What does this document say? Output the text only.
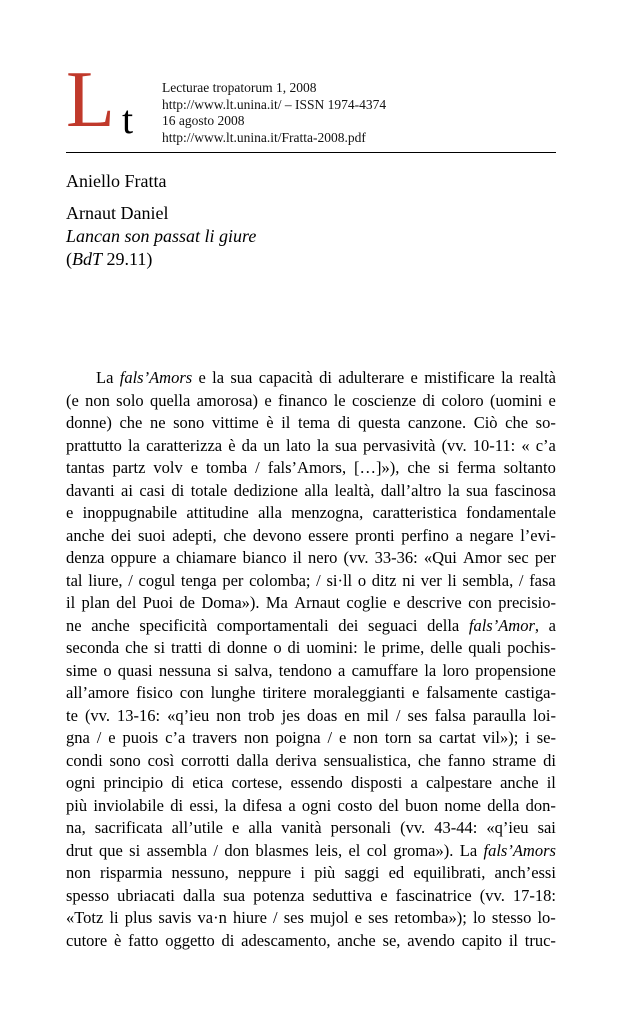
L t
Lecturae tropatorum 1, 2008
http://www.lt.unina.it/ – ISSN 1974-4374
16 agosto 2008
http://www.lt.unina.it/Fratta-2008.pdf
Aniello Fratta
Arnaut Daniel
Lancan son passat li giure
(BdT 29.11)
La fals’Amors e la sua capacità di adulterare e mistificare la realtà
(e non solo quella amorosa) e financo le coscienze di coloro (uomini e
donne) che ne sono vittime è il tema di questa canzone. Ciò che so-
prattutto la caratterizza è da un lato la sua pervasività (vv. 10-11: « c’a
tantas partz volv e tomba / fals’Amors, […]»), che si ferma soltanto
davanti ai casi di totale dedizione alla lealtà, dall’altro la sua fascinosa
e inoppugnabile attitudine alla menzogna, caratteristica fondamentale
anche dei suoi adepti, che devono essere pronti perfino a negare l’evi-
denza oppure a chiamare bianco il nero (vv. 33-36: «Qui Amor sec per
tal liure, / cogul tenga per colomba; / si·ll o ditz ni ver li sembla, / fasa
il plan del Puoi de Doma»). Ma Arnaut coglie e descrive con precisio-
ne anche specificità comportamentali dei seguaci della fals’Amor, a
seconda che si tratti di donne o di uomini: le prime, delle quali pochis-
sime o quasi nessuna si salva, tendono a camuffare la loro propensione
all’amore fisico con lunghe tiritere moraleggianti e falsamente castiga-
te (vv. 13-16: «q’ieu non trob jes doas en mil / ses falsa paraulla loi-
gna / e puois c’a travers non poigna / e non torn sa cartat vil»); i se-
condi sono così corrotti dalla deriva sensualistica, che fanno strame di
ogni principio di etica cortese, essendo disposti a calpestare anche il
più inviolabile di essi, la difesa a ogni costo del buon nome della don-
na, sacrificata all’utile e alla vanità personali (vv. 43-44: «q’ieu sai
drut que si assembla / don blasmes leis, el col groma»). La fals’Amors
non risparmia nessuno, neppure i più saggi ed equilibrati, anch’essi
spesso ubriacati dalla sua potenza seduttiva e fascinatrice (vv. 17-18:
«Totz li plus savis va·n hiure / ses mujol e ses retomba»); lo stesso lo-
cutore è fatto oggetto di adescamento, anche se, avendo capito il truc-
